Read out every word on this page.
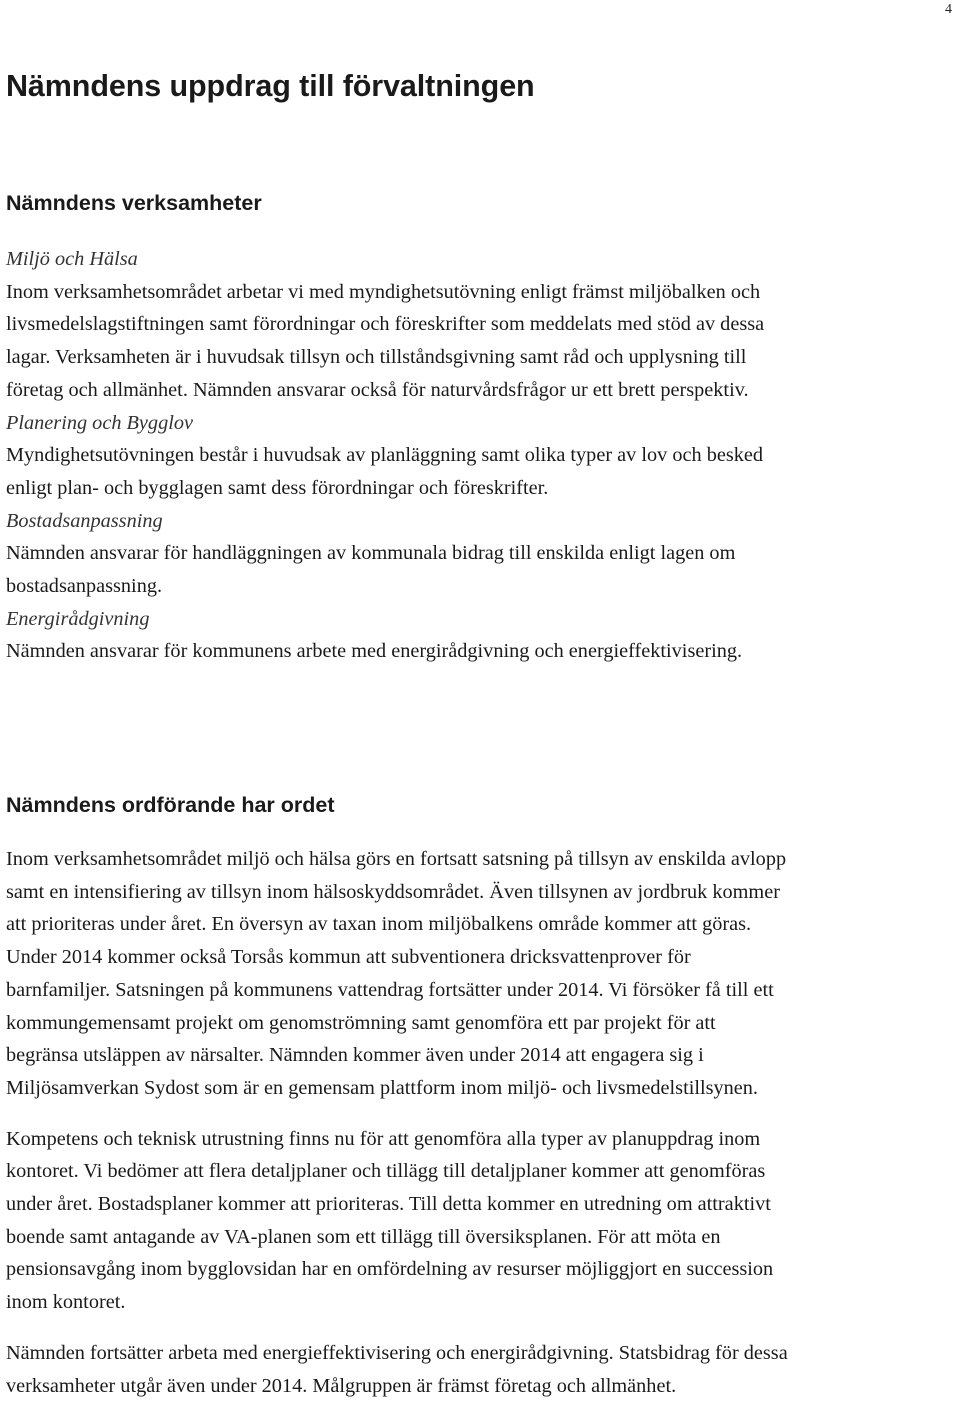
4

Nämndens uppdrag till förvaltningen
Nämndens verksamheter

Miljö och Hälsa

Inom verksamhetsområdet arbetar vi med myndighetsutövning enligt främst miljöbalken och

livsmedelslagstiftningen samt förordningar och föreskrifter som meddelats med stöd av dessa

lagar. Verksamheten är i huvudsak tillsyn och tillståndsgivning samt råd och upplysning till

företag och allmänhet. Nämnden ansvarar också för naturvårdsfrågor ur ett brett perspektiv.

Planering och Bygglov

Myndighetsutövningen består i huvudsak av planläggning samt olika typer av lov och besked

enligt plan- och bygglagen samt dess förordningar och föreskrifter.

Bostadsanpassning

Nämnden ansvarar för handläggningen av kommunala bidrag till enskilda enligt lagen om

bostadsanpassning.

Energirådgivning

Nämnden ansvarar för kommunens arbete med energirådgivning och energieffektivisering.

Nämndens ordförande har ordet

Inom verksamhetsområdet miljö och hälsa görs en fortsatt satsning på tillsyn av enskilda avlopp

samt en intensifiering av tillsyn inom hälsoskyddsområdet. Även tillsynen av jordbruk kommer

att prioriteras under året. En översyn av taxan inom miljöbalkens område kommer att göras.

Under 2014 kommer också Torsås kommun att subventionera dricksvattenprover för

barnfamiljer. Satsningen på kommunens vattendrag fortsätter under 2014. Vi försöker få till ett

kommungemensamt projekt om genomströmning samt genomföra ett par projekt för att

begränsa utsläppen av närsalter. Nämnden kommer även under 2014 att engagera sig i

Miljösamverkan Sydost som är en gemensam plattform inom miljö- och livsmedelstillsynen.

Kompetens och teknisk utrustning finns nu för att genomföra alla typer av planuppdrag inom

kontoret. Vi bedömer att flera detaljplaner och tillägg till detaljplaner kommer att genomföras

under året. Bostadsplaner kommer att prioriteras. Till detta kommer en utredning om attraktivt

boende samt antagande av VA-planen som ett tillägg till översiksplanen. För att möta en

pensionsavgång inom bygglovsidan har en omfördelning av resurser möjliggjort en succession

inom kontoret.

Nämnden fortsätter arbeta med energieffektivisering och energirådgivning. Statsbidrag för dessa

verksamheter utgår även under 2014. Målgruppen är främst företag och allmänhet.
